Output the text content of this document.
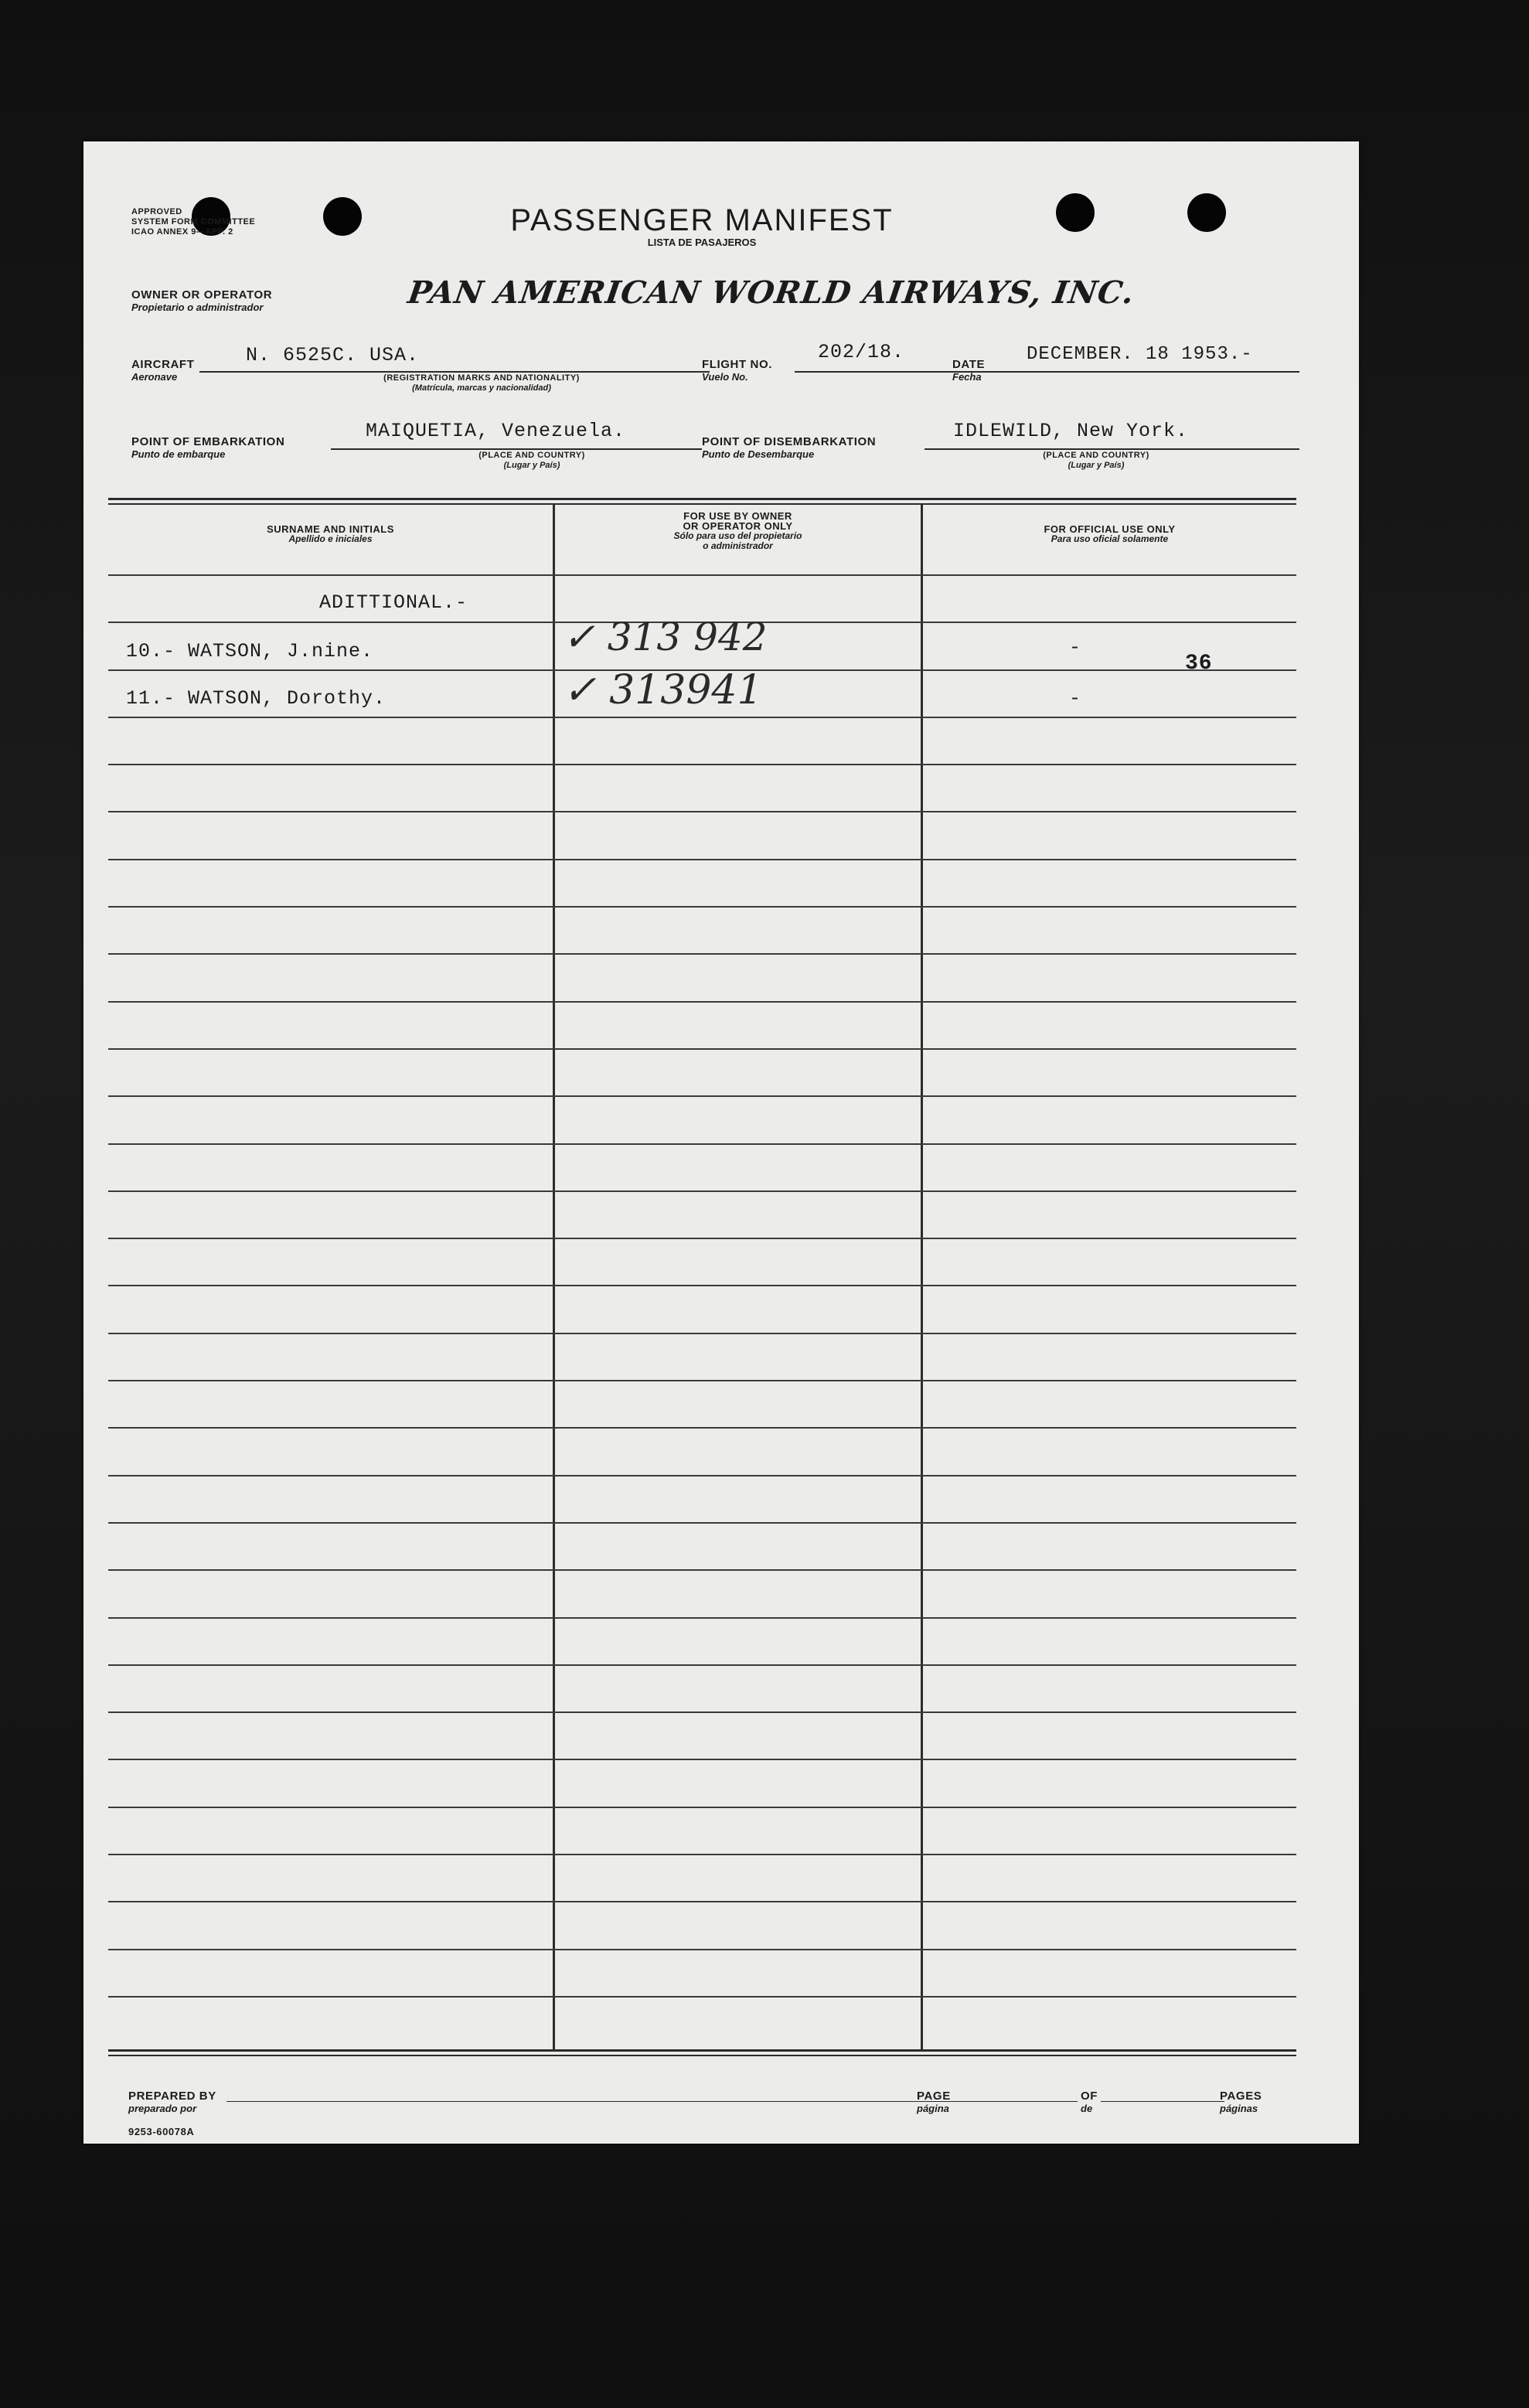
APPROVED
SYSTEM FORM COMMITTEE
ICAO ANNEX 9—APP. 2	PASSENGER MANIFEST
LISTA DE PASAJEROS
OWNER OR OPERATOR
Propietario o administrador	PAN AMERICAN WORLD AIRWAYS, INC.
AIRCRAFT
Aeronave
N. 6525C. USA.
(REGISTRATION MARKS AND NATIONALITY)
(Matrícula, marcas y nacionalidad)
FLIGHT NO.
Vuelo No.
202/18.
DATE
Fecha
DECEMBER. 18 1953.-
POINT OF EMBARKATION
Punto de embarque
MAIQUETIA, Venezuela.
(PLACE AND COUNTRY)
(Lugar y País)
POINT OF DISEMBARKATION
Punto de Desembarque
IDLEWILD, New York.
(PLACE AND COUNTRY)
(Lugar y País)
SURNAME AND INITIALS
Apellido e iniciales
FOR USE BY OWNER
OR OPERATOR ONLY
Sólo para uso del propietario
o administrador
FOR OFFICIAL USE ONLY
Para uso oficial solamente
ADITTIONAL.-
10.- WATSON, J.nine.	✓ 313 942	-
36
11.- WATSON, Dorothy.	✓ 313941	-
PREPARED BY
preparado por
PAGE
página
OF
de
PAGES
páginas
9253-60078A
